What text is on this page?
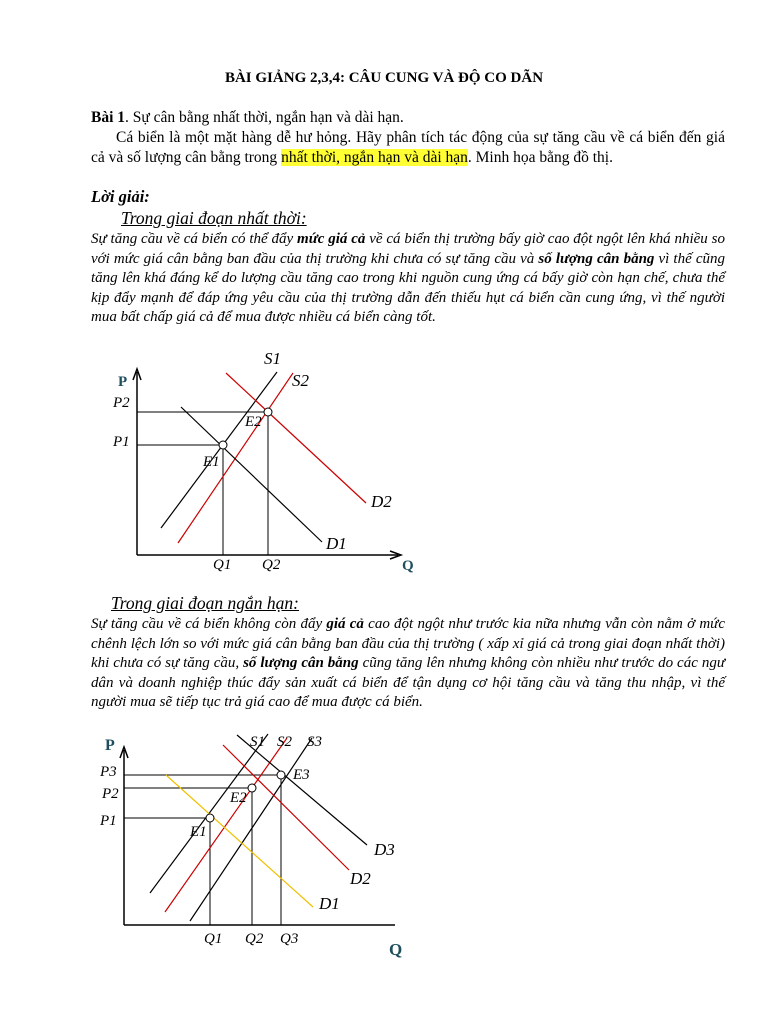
BÀI GIẢNG 2,3,4: CÂU CUNG VÀ ĐỘ CO DÃN
Bài 1. Sự cân bằng nhất thời, ngắn hạn và dài hạn.
Cá biển là một mặt hàng dễ hư hỏng. Hãy phân tích tác động của sự tăng cầu về cá biển đến giá cả và số lượng cân bằng trong nhất thời, ngắn hạn và dài hạn. Minh họa bằng đồ thị.
Lời giải:
Trong giai đoạn nhất thời:
Sự tăng cầu về cá biển có thể đẩy mức giá cả về cá biển thị trường bấy giờ cao đột ngột lên khá nhiều so với mức giá cân bằng ban đầu của thị trường khi chưa có sự tăng cầu và số lượng cân bằng vì thế cũng tăng lên khá đáng kể do lượng cầu tăng cao trong khi nguồn cung ứng cá bấy giờ còn hạn chế, chưa thể kịp đẩy mạnh để đáp ứng yêu cầu của thị trường dẫn đến thiếu hụt cá biển cần cung ứng, vì thế người mua bất chấp giá cả để mua được nhiều cá biển càng tốt.
P
Q
P2
P1
Q1 Q2
S1
S2
D1
D2
E1
E2
Trong giai đoạn ngắn hạn:
Sự tăng cầu về cá biển không còn đẩy giá cả cao đột ngột như trước kia nữa nhưng vẫn còn nằm ở mức chênh lệch lớn so với mức giá cân bằng ban đầu của thị trường ( xấp xỉ giá cả trong giai đoạn nhất thời) khi chưa có sự tăng cầu, số lượng cân bằng cũng tăng lên nhưng không còn nhiều như trước do các ngư dân và doanh nghiệp thúc đẩy sản xuất cá biển để tận dụng cơ hội tăng cầu và tăng thu nhập, vì thế người mua sẽ tiếp tục trả giá cao để mua được cá biển.
P
Q
P3
P2
P1
Q1 Q2 Q3
S1 S2 S3
D1
D2
D3
E1
E2
E3
